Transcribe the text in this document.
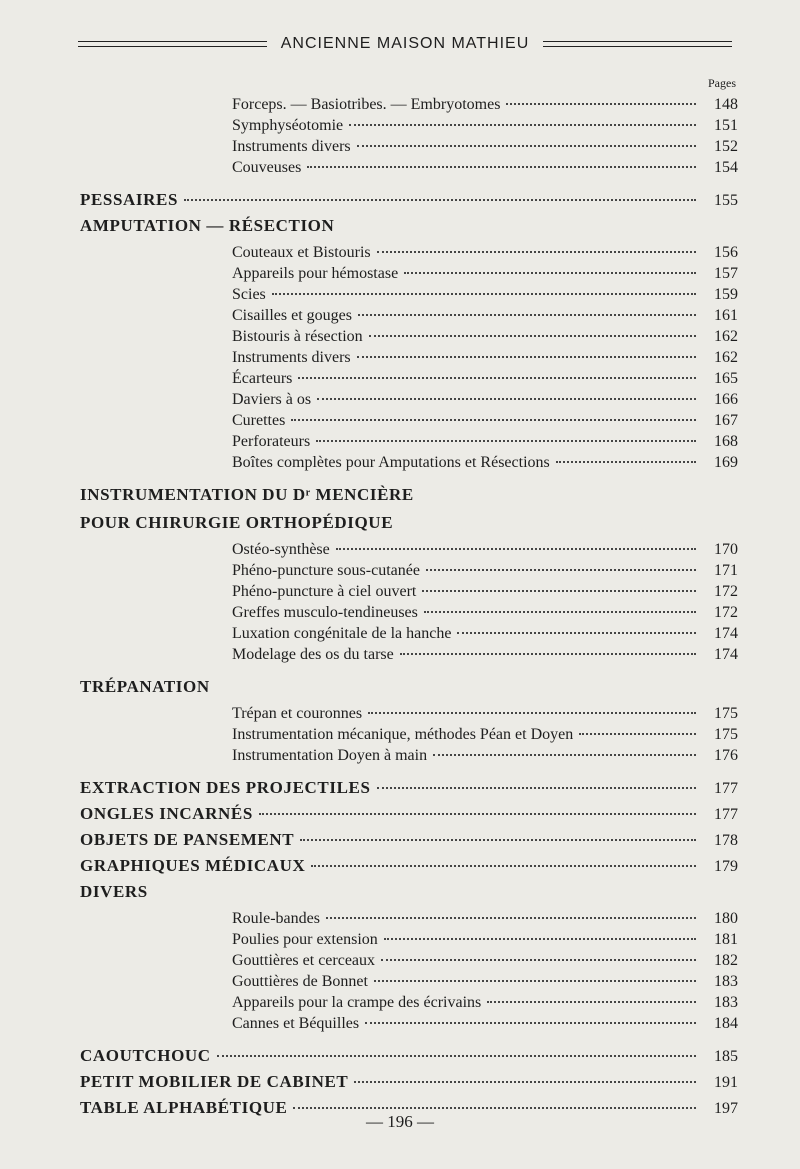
ANCIENNE MAISON MATHIEU
Pages
Forceps. — Basiotribes. — Embryotomes	148
Symphyséotomie	151
Instruments divers	152
Couveuses	154
PESSAIRES	155
AMPUTATION — RÉSECTION
Couteaux et Bistouris	156
Appareils pour hémostase	157
Scies	159
Cisailles et gouges	161
Bistouris à résection	162
Instruments divers	162
Écarteurs	165
Daviers à os	166
Curettes	167
Perforateurs	168
Boîtes complètes pour Amputations et Résections	169
INSTRUMENTATION DU Dʳ MENCIÈRE
POUR CHIRURGIE ORTHOPÉDIQUE
Ostéo-synthèse	170
Phéno-puncture sous-cutanée	171
Phéno-puncture à ciel ouvert	172
Greffes musculo-tendineuses	172
Luxation congénitale de la hanche	174
Modelage des os du tarse	174
TRÉPANATION
Trépan et couronnes	175
Instrumentation mécanique, méthodes Péan et Doyen	175
Instrumentation Doyen à main	176
EXTRACTION DES PROJECTILES	177
ONGLES INCARNÉS	177
OBJETS DE PANSEMENT	178
GRAPHIQUES MÉDICAUX	179
DIVERS
Roule-bandes	180
Poulies pour extension	181
Gouttières et cerceaux	182
Gouttières de Bonnet	183
Appareils pour la crampe des écrivains	183
Cannes et Béquilles	184
CAOUTCHOUC	185
PETIT MOBILIER DE CABINET	191
TABLE ALPHABÉTIQUE	197
— 196 —
